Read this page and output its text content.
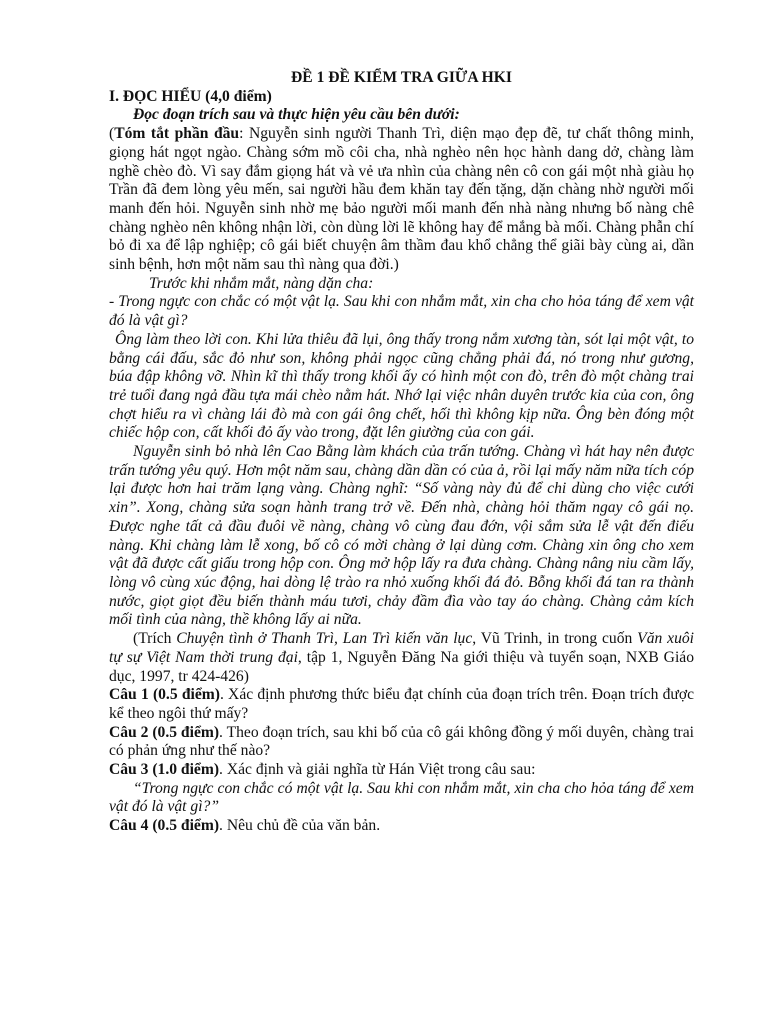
ĐỀ 1 ĐỀ KIỂM TRA GIỮA HKI

I. ĐỌC HIỂU (4,0 điểm)

Đọc đoạn trích sau và thực hiện yêu cầu bên dưới:

(Tóm tắt phần đầu: Nguyễn sinh người Thanh Trì, diện mạo đẹp đẽ, tư chất thông minh, giọng hát ngọt ngào. Chàng sớm mồ côi cha, nhà nghèo nên học hành dang dở, chàng làm nghề chèo đò. Vì say đắm giọng hát và vẻ ưa nhìn của chàng nên cô con gái một nhà giàu họ Trần đã đem lòng yêu mến, sai người hầu đem khăn tay đến tặng, dặn chàng nhờ người mối manh đến hỏi. Nguyễn sinh nhờ mẹ bảo người mối manh đến nhà nàng nhưng bố nàng chê chàng nghèo nên không nhận lời, còn dùng lời lẽ không hay để mắng bà mối. Chàng phẫn chí bỏ đi xa để lập nghiệp; cô gái biết chuyện âm thầm đau khổ chẳng thể giãi bày cùng ai, dần sinh bệnh, hơn một năm sau thì nàng qua đời.)

Trước khi nhắm mắt, nàng dặn cha:

- Trong ngực con chắc có một vật lạ. Sau khi con nhắm mắt, xin cha cho hỏa táng để xem vật đó là vật gì?

Ông làm theo lời con. Khi lửa thiêu đã lụi, ông thấy trong nắm xương tàn, sót lại một vật, to bằng cái đấu, sắc đỏ như son, không phải ngọc cũng chẳng phải đá, nó trong như gương, búa đập không vỡ. Nhìn kĩ thì thấy trong khối ấy có hình một con đò, trên đò một chàng trai trẻ tuổi đang ngả đầu tựa mái chèo nằm hát. Nhớ lại việc nhân duyên trước kia của con, ông chợt hiểu ra vì chàng lái đò mà con gái ông chết, hối thì không kịp nữa. Ông bèn đóng một chiếc hộp con, cất khối đỏ ấy vào trong, đặt lên giường của con gái.

Nguyễn sinh bỏ nhà lên Cao Bằng làm khách của trấn tướng. Chàng vì hát hay nên được trấn tướng yêu quý. Hơn một năm sau, chàng dần dần có của ả, rồi lại mấy năm nữa tích cóp lại được hơn hai trăm lạng vàng. Chàng nghĩ: “Số vàng này đủ để chi dùng cho việc cưới xin”. Xong, chàng sửa soạn hành trang trở về. Đến nhà, chàng hỏi thăm ngay cô gái nọ. Được nghe tất cả đầu đuôi về nàng, chàng vô cùng đau đớn, vội sắm sửa lễ vật đến điếu nàng. Khi chàng làm lễ xong, bố cô có mời chàng ở lại dùng cơm. Chàng xin ông cho xem vật đã được cất giấu trong hộp con. Ông mở hộp lấy ra đưa chàng. Chàng nâng niu cầm lấy, lòng vô cùng xúc động, hai dòng lệ trào ra nhỏ xuống khối đá đỏ. Bỗng khối đá tan ra thành nước, giọt giọt đều biến thành máu tươi, chảy đầm đìa vào tay áo chàng. Chàng cảm kích mối tình của nàng, thề không lấy ai nữa.

(Trích Chuyện tình ở Thanh Trì, Lan Trì kiến văn lục, Vũ Trinh, in trong cuốn Văn xuôi tự sự Việt Nam thời trung đại, tập 1, Nguyễn Đăng Na giới thiệu và tuyển soạn, NXB Giáo dục, 1997, tr 424-426)

Câu 1 (0.5 điểm). Xác định phương thức biểu đạt chính của đoạn trích trên. Đoạn trích được kể theo ngôi thứ mấy?

Câu 2 (0.5 điểm). Theo đoạn trích, sau khi bố của cô gái không đồng ý mối duyên, chàng trai có phản ứng như thế nào?

Câu 3 (1.0 điểm). Xác định và giải nghĩa từ Hán Việt trong câu sau:

“Trong ngực con chắc có một vật lạ. Sau khi con nhắm mắt, xin cha cho hỏa táng để xem vật đó là vật gì?”

Câu 4 (0.5 điểm). Nêu chủ đề của văn bản.
